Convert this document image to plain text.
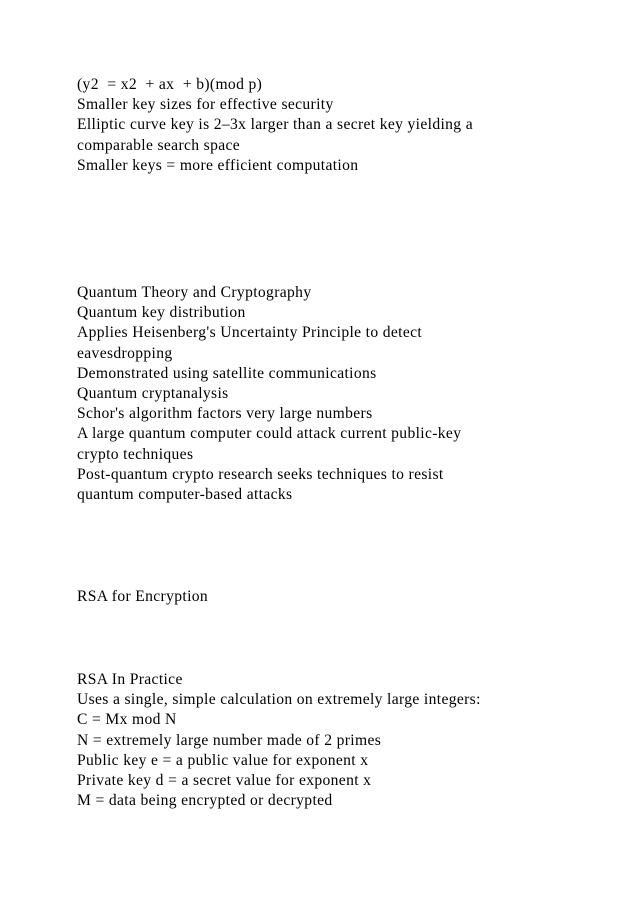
(y2  = x2  + ax  + b)(mod p)
Smaller key sizes for effective security
Elliptic curve key is 2–3x larger than a secret key yielding a
comparable search space
Smaller keys = more efficient computation
Quantum Theory and Cryptography
Quantum key distribution
Applies Heisenberg's Uncertainty Principle to detect
eavesdropping
Demonstrated using satellite communications
Quantum cryptanalysis
Schor's algorithm factors very large numbers
A large quantum computer could attack current public-key
crypto techniques
Post-quantum crypto research seeks techniques to resist
quantum computer-based attacks
RSA for Encryption
RSA In Practice
Uses a single, simple calculation on extremely large integers:
C = Mx mod N
N = extremely large number made of 2 primes
Public key e = a public value for exponent x
Private key d = a secret value for exponent x
M = data being encrypted or decrypted
